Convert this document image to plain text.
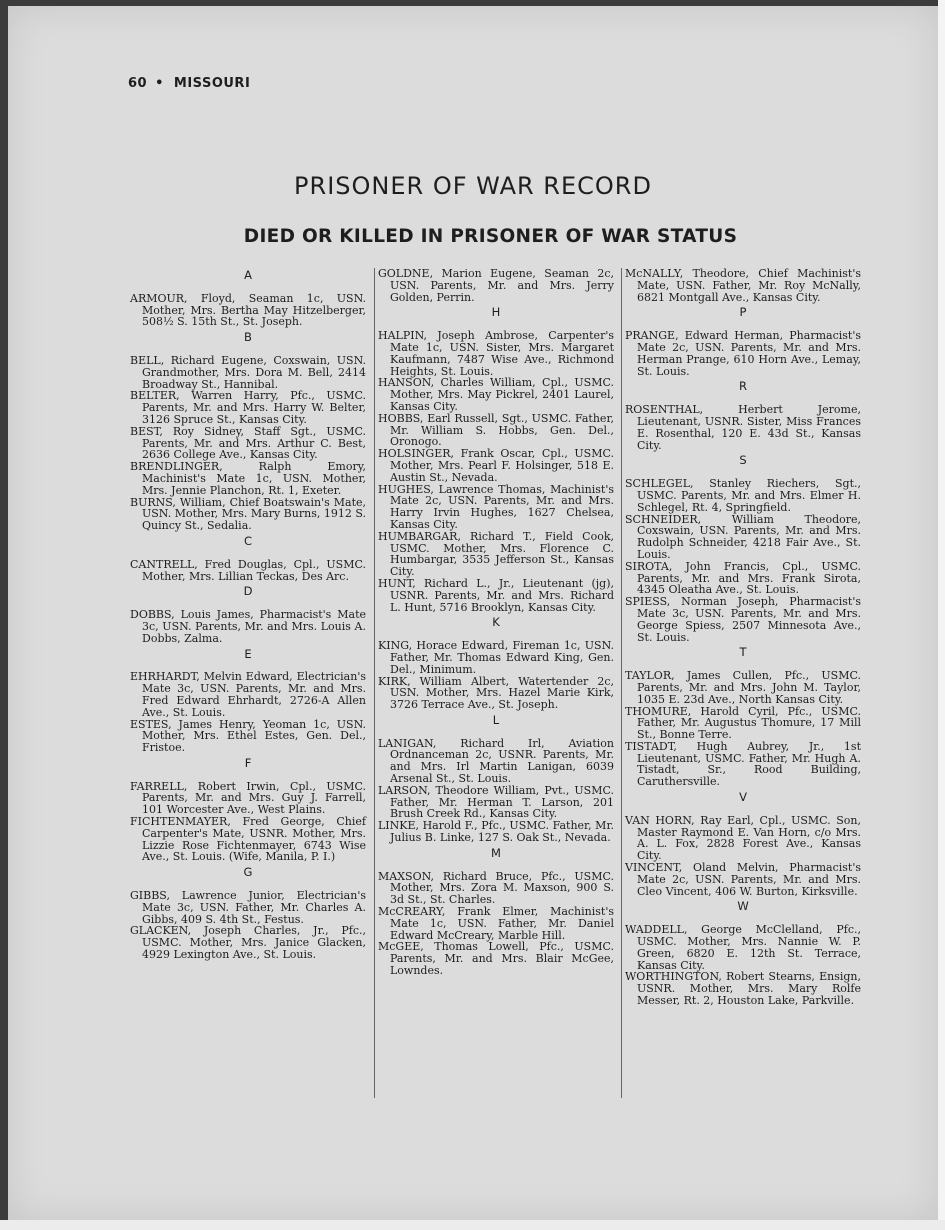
60 • MISSOURI
PRISONER OF WAR RECORD
DIED OR KILLED IN PRISONER OF WAR STATUS
A

ARMOUR, Floyd, Seaman 1c, USN. Mother, Mrs. Bertha May Hitzelberger, 508½ S. 15th St., St. Joseph.

B

BELL, Richard Eugene, Coxswain, USN. Grandmother, Mrs. Dora M. Bell, 2414 Broadway St., Hannibal.

BELTER, Warren Harry, Pfc., USMC. Parents, Mr. and Mrs. Harry W. Belter, 3126 Spruce St., Kansas City.

BEST, Roy Sidney, Staff Sgt., USMC. Parents, Mr. and Mrs. Arthur C. Best, 2636 College Ave., Kansas City.

BRENDLINGER, Ralph Emory, Machinist's Mate 1c, USN. Mother, Mrs. Jennie Planchon, Rt. 1, Exeter.

BURNS, William, Chief Boatswain's Mate, USN. Mother, Mrs. Mary Burns, 1912 S. Quincy St., Sedalia.

C

CANTRELL, Fred Douglas, Cpl., USMC. Mother, Mrs. Lillian Teckas, Des Arc.

D

DOBBS, Louis James, Pharmacist's Mate 3c, USN. Parents, Mr. and Mrs. Louis A. Dobbs, Zalma.

E

EHRHARDT, Melvin Edward, Electrician's Mate 3c, USN. Parents, Mr. and Mrs. Fred Edward Ehrhardt, 2726-A Allen Ave., St. Louis.

ESTES, James Henry, Yeoman 1c, USN. Mother, Mrs. Ethel Estes, Gen. Del., Fristoe.

F

FARRELL, Robert Irwin, Cpl., USMC. Parents, Mr. and Mrs. Guy J. Farrell, 101 Worcester Ave., West Plains.

FICHTENMAYER, Fred George, Chief Carpenter's Mate, USNR. Mother, Mrs. Lizzie Rose Fichtenmayer, 6743 Wise Ave., St. Louis. (Wife, Manila, P. I.)

G

GIBBS, Lawrence Junior, Electrician's Mate 3c, USN. Father, Mr. Charles A. Gibbs, 409 S. 4th St., Festus.

GLACKEN, Joseph Charles, Jr., Pfc., USMC. Mother, Mrs. Janice Glacken, 4929 Lexington Ave., St. Louis.

GOLDNE, Marion Eugene, Seaman 2c, USN. Parents, Mr. and Mrs. Jerry Golden, Perrin.

H

HALPIN, Joseph Ambrose, Carpenter's Mate 1c, USN. Sister, Mrs. Margaret Kaufmann, 7487 Wise Ave., Richmond Heights, St. Louis.

HANSON, Charles William, Cpl., USMC. Mother, Mrs. May Pickrel, 2401 Laurel, Kansas City.

HOBBS, Earl Russell, Sgt., USMC. Father, Mr. William S. Hobbs, Gen. Del., Oronogo.

HOLSINGER, Frank Oscar, Cpl., USMC. Mother, Mrs. Pearl F. Holsinger, 518 E. Austin St., Nevada.

HUGHES, Lawrence Thomas, Machinist's Mate 2c, USN. Parents, Mr. and Mrs. Harry Irvin Hughes, 1627 Chelsea, Kansas City.

HUMBARGAR, Richard T., Field Cook, USMC. Mother, Mrs. Florence C. Humbargar, 3535 Jefferson St., Kansas City.

HUNT, Richard L., Jr., Lieutenant (jg), USNR. Parents, Mr. and Mrs. Richard L. Hunt, 5716 Brooklyn, Kansas City.

K

KING, Horace Edward, Fireman 1c, USN. Father, Mr. Thomas Edward King, Gen. Del., Minimum.

KIRK, William Albert, Watertender 2c, USN. Mother, Mrs. Hazel Marie Kirk, 3726 Terrace Ave., St. Joseph.

L

LANIGAN, Richard Irl, Aviation Ordnanceman 2c, USNR. Parents, Mr. and Mrs. Irl Martin Lanigan, 6039 Arsenal St., St. Louis.

LARSON, Theodore William, Pvt., USMC. Father, Mr. Herman T. Larson, 201 Brush Creek Rd., Kansas City.

LINKE, Harold F., Pfc., USMC. Father, Mr. Julius B. Linke, 127 S. Oak St., Nevada.

M

MAXSON, Richard Bruce, Pfc., USMC. Mother, Mrs. Zora M. Maxson, 900 S. 3d St., St. Charles.

McCREARY, Frank Elmer, Machinist's Mate 1c, USN. Father, Mr. Daniel Edward McCreary, Marble Hill.

McGEE, Thomas Lowell, Pfc., USMC. Parents, Mr. and Mrs. Blair McGee, Lowndes.

McNALLY, Theodore, Chief Machinist's Mate, USN. Father, Mr. Roy McNally, 6821 Montgall Ave., Kansas City.

P

PRANGE, Edward Herman, Pharmacist's Mate 2c, USN. Parents, Mr. and Mrs. Herman Prange, 610 Horn Ave., Lemay, St. Louis.

R

ROSENTHAL, Herbert Jerome, Lieutenant, USNR. Sister, Miss Frances E. Rosenthal, 120 E. 43d St., Kansas City.

S

SCHLEGEL, Stanley Riechers, Sgt., USMC. Parents, Mr. and Mrs. Elmer H. Schlegel, Rt. 4, Springfield.

SCHNEIDER, William Theodore, Coxswain, USN. Parents, Mr. and Mrs. Rudolph Schneider, 4218 Fair Ave., St. Louis.

SIROTA, John Francis, Cpl., USMC. Parents, Mr. and Mrs. Frank Sirota, 4345 Oleatha Ave., St. Louis.

SPIESS, Norman Joseph, Pharmacist's Mate 3c, USN. Parents, Mr. and Mrs. George Spiess, 2507 Minnesota Ave., St. Louis.

T

TAYLOR, James Cullen, Pfc., USMC. Parents, Mr. and Mrs. John M. Taylor, 1035 E. 23d Ave., North Kansas City.

THOMURE, Harold Cyril, Pfc., USMC. Father, Mr. Augustus Thomure, 17 Mill St., Bonne Terre.

TISTADT, Hugh Aubrey, Jr., 1st Lieutenant, USMC. Father, Mr. Hugh A. Tistadt, Sr., Rood Building, Caruthersville.

V

VAN HORN, Ray Earl, Cpl., USMC. Son, Master Raymond E. Van Horn, c/o Mrs. A. L. Fox, 2828 Forest Ave., Kansas City.

VINCENT, Oland Melvin, Pharmacist's Mate 2c, USN. Parents, Mr. and Mrs. Cleo Vincent, 406 W. Burton, Kirksville.

W

WADDELL, George McClelland, Pfc., USMC. Mother, Mrs. Nannie W. P. Green, 6820 E. 12th St. Terrace, Kansas City.

WORTHINGTON, Robert Stearns, Ensign, USNR. Mother, Mrs. Mary Rolfe Messer, Rt. 2, Houston Lake, Parkville.
